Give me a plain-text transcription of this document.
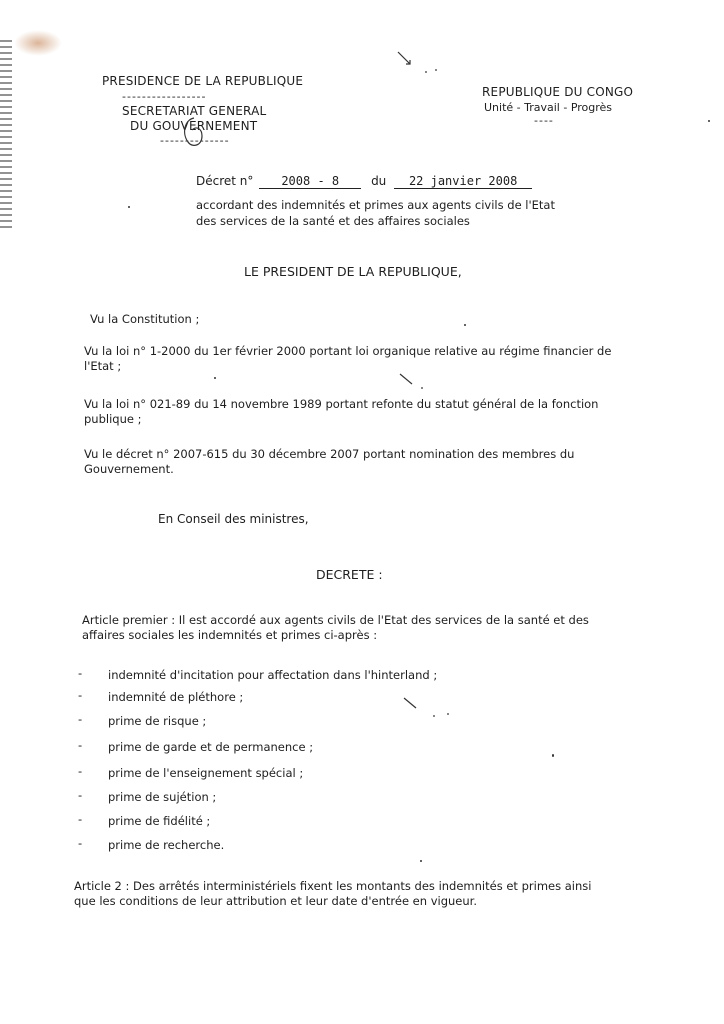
PRESIDENCE DE LA REPUBLIQUE
-----------------
SECRETARIAT GENERAL
DU GOUVERNEMENT
--------------
REPUBLIQUE DU CONGO
Unité - Travail - Progrès
----
Décret n° 2008 - 8	du 22 janvier 2008
accordant des indemnités et primes aux agents civils de l'Etat
des services de la santé et des affaires sociales
LE PRESIDENT DE LA REPUBLIQUE,
Vu la Constitution ;
Vu la loi n° 1-2000 du 1er février 2000 portant loi organique relative au régime financier de l'Etat ;
Vu la loi n° 021-89 du 14 novembre 1989 portant refonte du statut général de la fonction publique ;
Vu le décret n° 2007-615 du 30 décembre 2007 portant nomination des membres du Gouvernement.
En Conseil des ministres,
DECRETE :
Article premier : Il est accordé aux agents civils de l'Etat des services de la santé et des affaires sociales les indemnités et primes ci-après :
- indemnité d'incitation pour affectation dans l'hinterland ;
- indemnité de pléthore ;
- prime de risque ;
- prime de garde et de permanence ;
- prime de l'enseignement spécial ;
- prime de sujétion ;
- prime de fidélité ;
- prime de recherche.
Article 2 : Des arrêtés interministériels fixent les montants des indemnités et primes ainsi que les conditions de leur attribution et leur date d'entrée en vigueur.
